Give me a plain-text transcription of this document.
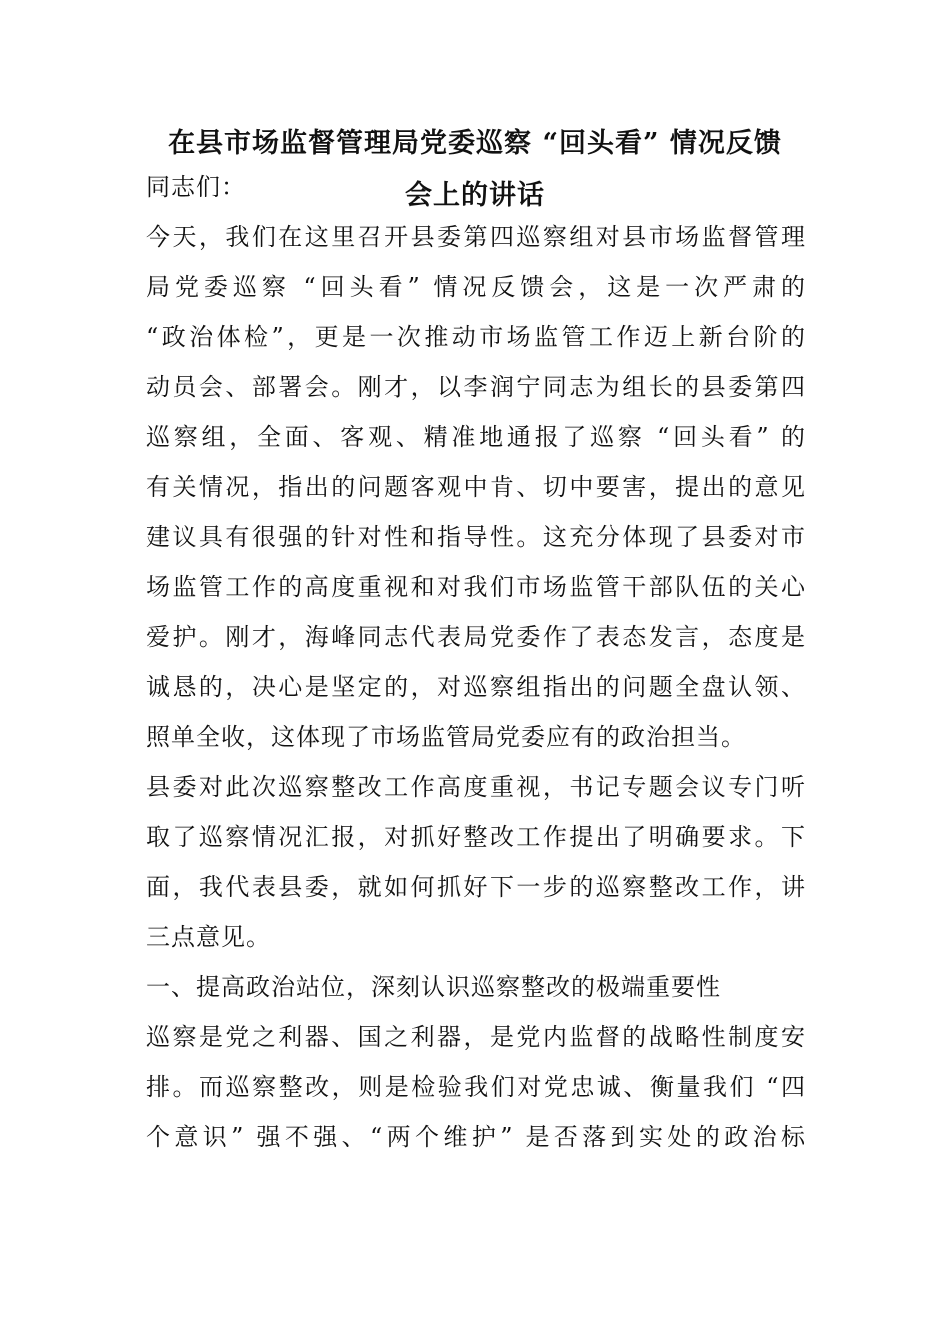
在县市场监督管理局党委巡察 “回头看” 情况反馈
会上的讲话
同志们：
今天，我们在这里召开县委第四巡察组对县市场监督管理
局党委巡察 “回头看” 情况反馈会，这是一次严肃的
“政治体检”，更是一次推动市场监管工作迈上新台阶的
动员会、部署会。刚才，以李润宁同志为组长的县委第四
巡察组，全面、客观、精准地通报了巡察 “回头看” 的
有关情况，指出的问题客观中肯、切中要害，提出的意见
建议具有很强的针对性和指导性。这充分体现了县委对市
场监管工作的高度重视和对我们市场监管干部队伍的关心
爱护。刚才，海峰同志代表局党委作了表态发言，态度是
诚恳的，决心是坚定的，对巡察组指出的问题全盘认领、
照单全收，这体现了市场监管局党委应有的政治担当。
县委对此次巡察整改工作高度重视，书记专题会议专门听
取了巡察情况汇报，对抓好整改工作提出了明确要求。下
面，我代表县委，就如何抓好下一步的巡察整改工作，讲
三点意见。
一、提高政治站位，深刻认识巡察整改的极端重要性
巡察是党之利器、国之利器，是党内监督的战略性制度安
排。而巡察整改，则是检验我们对党忠诚、衡量我们 “四
个意识” 强不强、“两个维护” 是否落到实处的政治标
